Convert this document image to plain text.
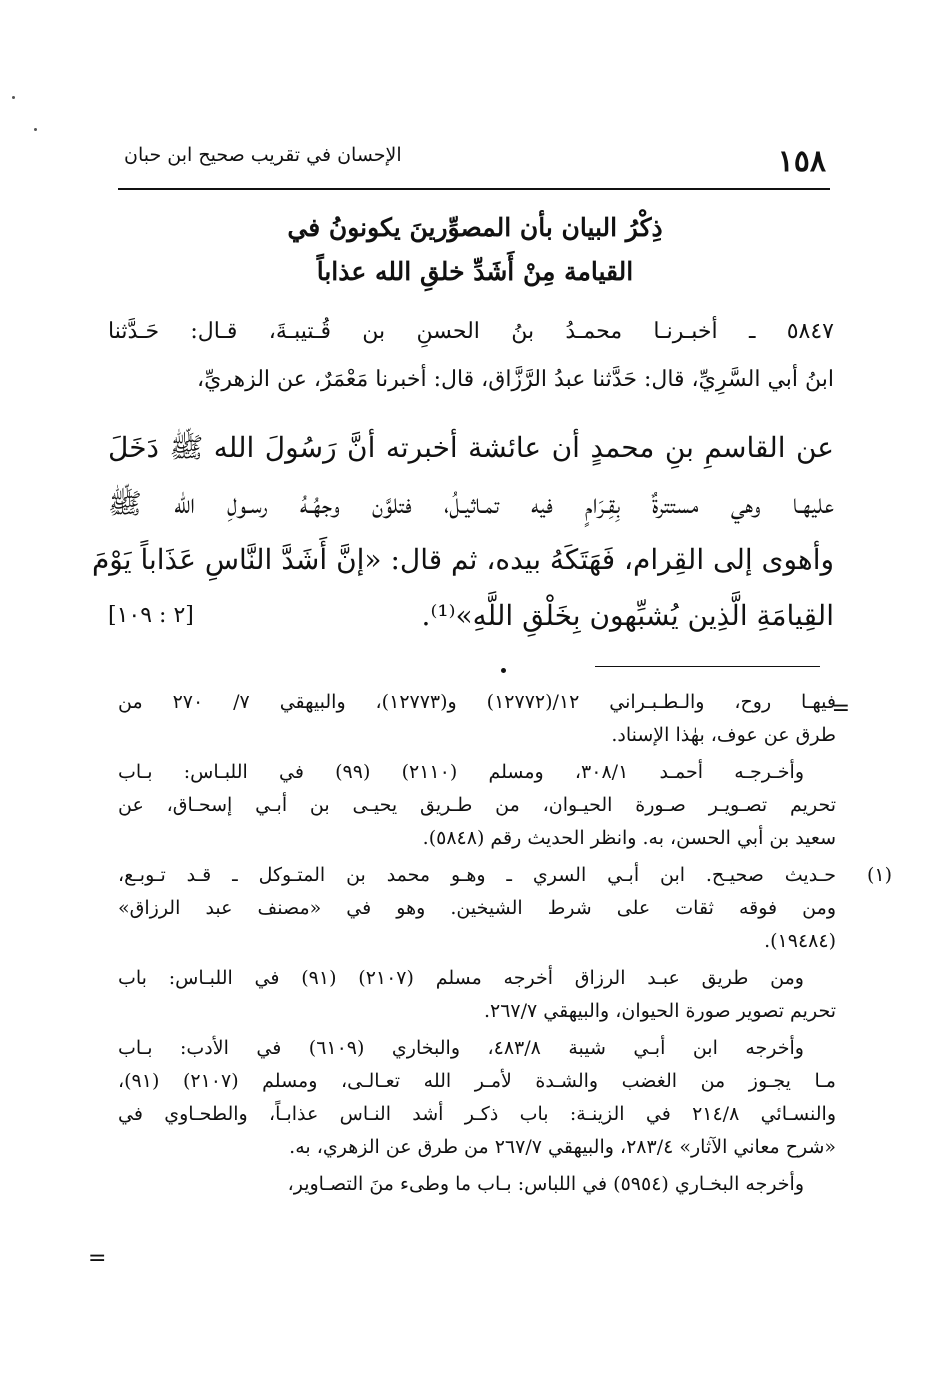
١٥٨
الإحسان في تقريب صحيح ابن حبان
ذِكْرُ البيان بأن المصوِّرينَ يكونونُ في
القيامة مِنْ أَشَدِّ خلقِ الله عذاباً
٥٨٤٧ ـ أخبـرنـا محمـدُ بنُ الحسنِ بن قُـتيبـةَ، قـال: حَـدَّثنا
ابنُ أبي السَّرِيِّ، قال: حَدَّثنا عبدُ الرَّزَّاق، قال: أخبرنا مَعْمَرٌ، عن الزهريِّ،
عن القاسمِ بنِ محمدٍ أن عائشة أخبرته أنَّ رَسُولَ الله ﷺ دَخَلَ
عليهـا وهي مستترةٌ بِقِـرَامٍ فيه تمـاثيـلُ، فتلوَّن وجهُـهُ رسـولِ الله ﷺ
وأهوى إلى القِرام، فَهَتَكَهُ بيده، ثم قال: «إنَّ أَشَدَّ النَّاسِ عَذَاباً يَوْمَ
القِيامَةِ الَّذِين يُشبِّهون بِخَلْقِ اللَّهِ»⁽¹⁾.
[٢ : ١٠٩]
=
فيهـا روح، والـطـبـراني ١٢/(١٢٧٧٢) و(١٢٧٧٣)، والبيهقي ٧/ ٢٧٠ من
طرق عن عوف، بهٰذا الإسناد.
وأخـرجـه أحمـد ٣٠٨/١، ومسلم (٢١١٠) (٩٩) في اللبـاس: بـاب
تحريم تصـويـر صـورة الحيـوان، من طـريق يحيـى بن أبـي إسحـاق، عن
سعيد بن أبي الحسن، به. وانظر الحديث رقم (٥٨٤٨).
(١)
حـديث صحيـح. ابن أبـي السري ـ وهـو محمد بن المتـوكل ـ قـد تـوبـع،
ومن فوقه ثقات على شرط الشيخين. وهو في «مصنف عبد الرزاق»
(١٩٤٨٤).
ومن طريق عبـد الرزاق أخرجه مسلم (٢١٠٧) (٩١) في اللبـاس: باب
تحريم تصوير صورة الحيوان، والبيهقي ٢٦٧/٧.
وأخرجه ابن أبـي شيبة ٤٨٣/٨، والبخاري (٦١٠٩) في الأدب: بـاب
مـا يجـوز من الغضب والشـدة لأمـر الله تعـالـى، ومسلم (٢١٠٧) (٩١)،
والنسـائي ٢١٤/٨ في الزينـة: باب ذكـر أشد النـاس عذابـاً، والطحـاوي في
«شرح معاني الآثار» ٢٨٣/٤، والبيهقي ٢٦٧/٧ من طرق عن الزهري، به.
وأخرجه البخـاري (٥٩٥٤) في اللباس: بـاب ما وطىء منَ التصـاوير،
=
